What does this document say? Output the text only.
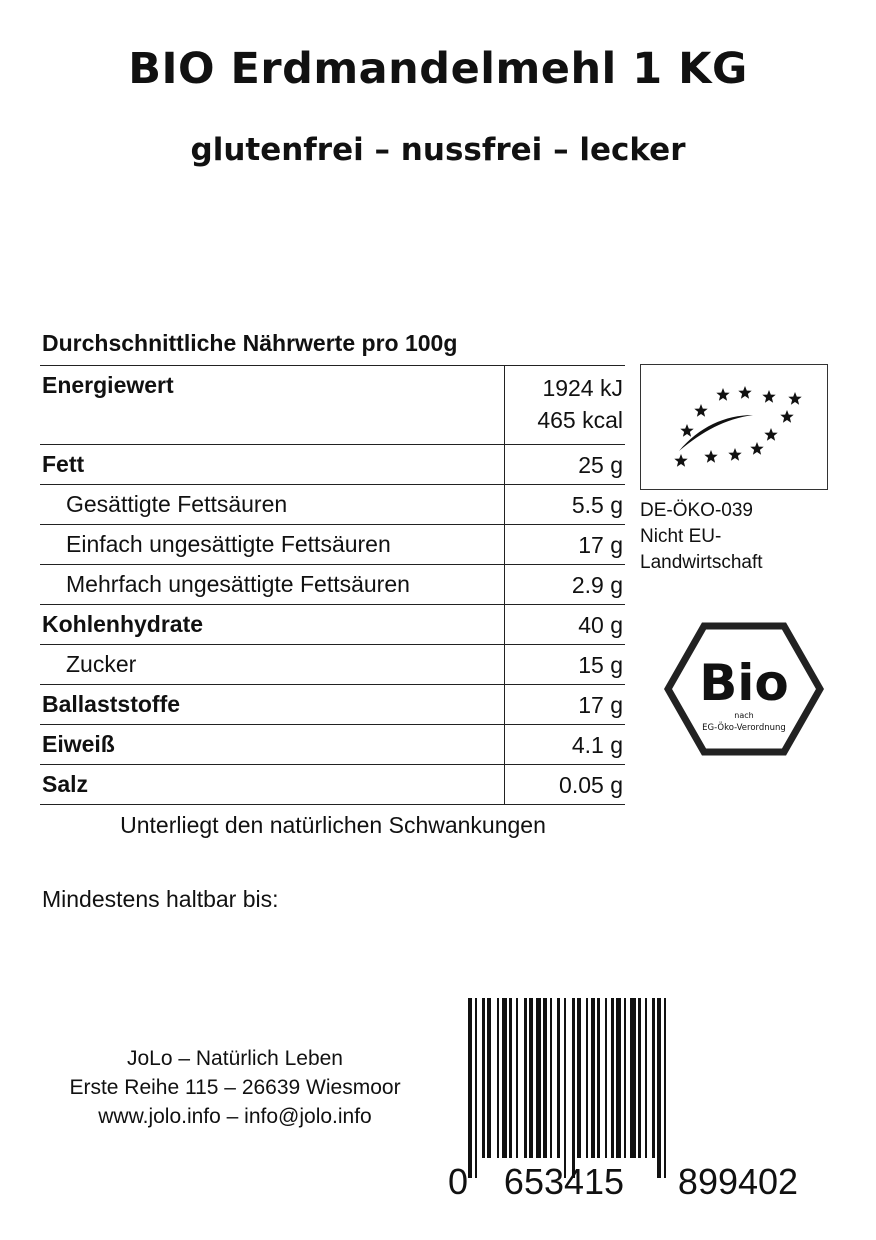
BIO Erdmandelmehl 1 KG
glutenfrei – nussfrei – lecker
Durchschnittliche Nährwerte pro 100g
Energiewert	1924 kJ
465 kcal

Fett	25 g

Gesättigte Fettsäuren	5.5 g

Einfach ungesättigte Fettsäuren	17 g

Mehrfach ungesättigte Fettsäuren	2.9 g

Kohlenhydrate	40 g

Zucker	15 g

Ballaststoffe	17 g

Eiweiß	4.1 g

Salz	0.05 g
DE-ÖKO-039
Nicht EU-
Landwirtschaft
Bio
nach
EG-Öko-Verordnung
Unterliegt den natürlichen Schwankungen
Mindestens haltbar bis:
JoLo – Natürlich Leben
Erste Reihe 115 – 26639 Wiesmoor
www.jolo.info – info@jolo.info
0 653415 899402
